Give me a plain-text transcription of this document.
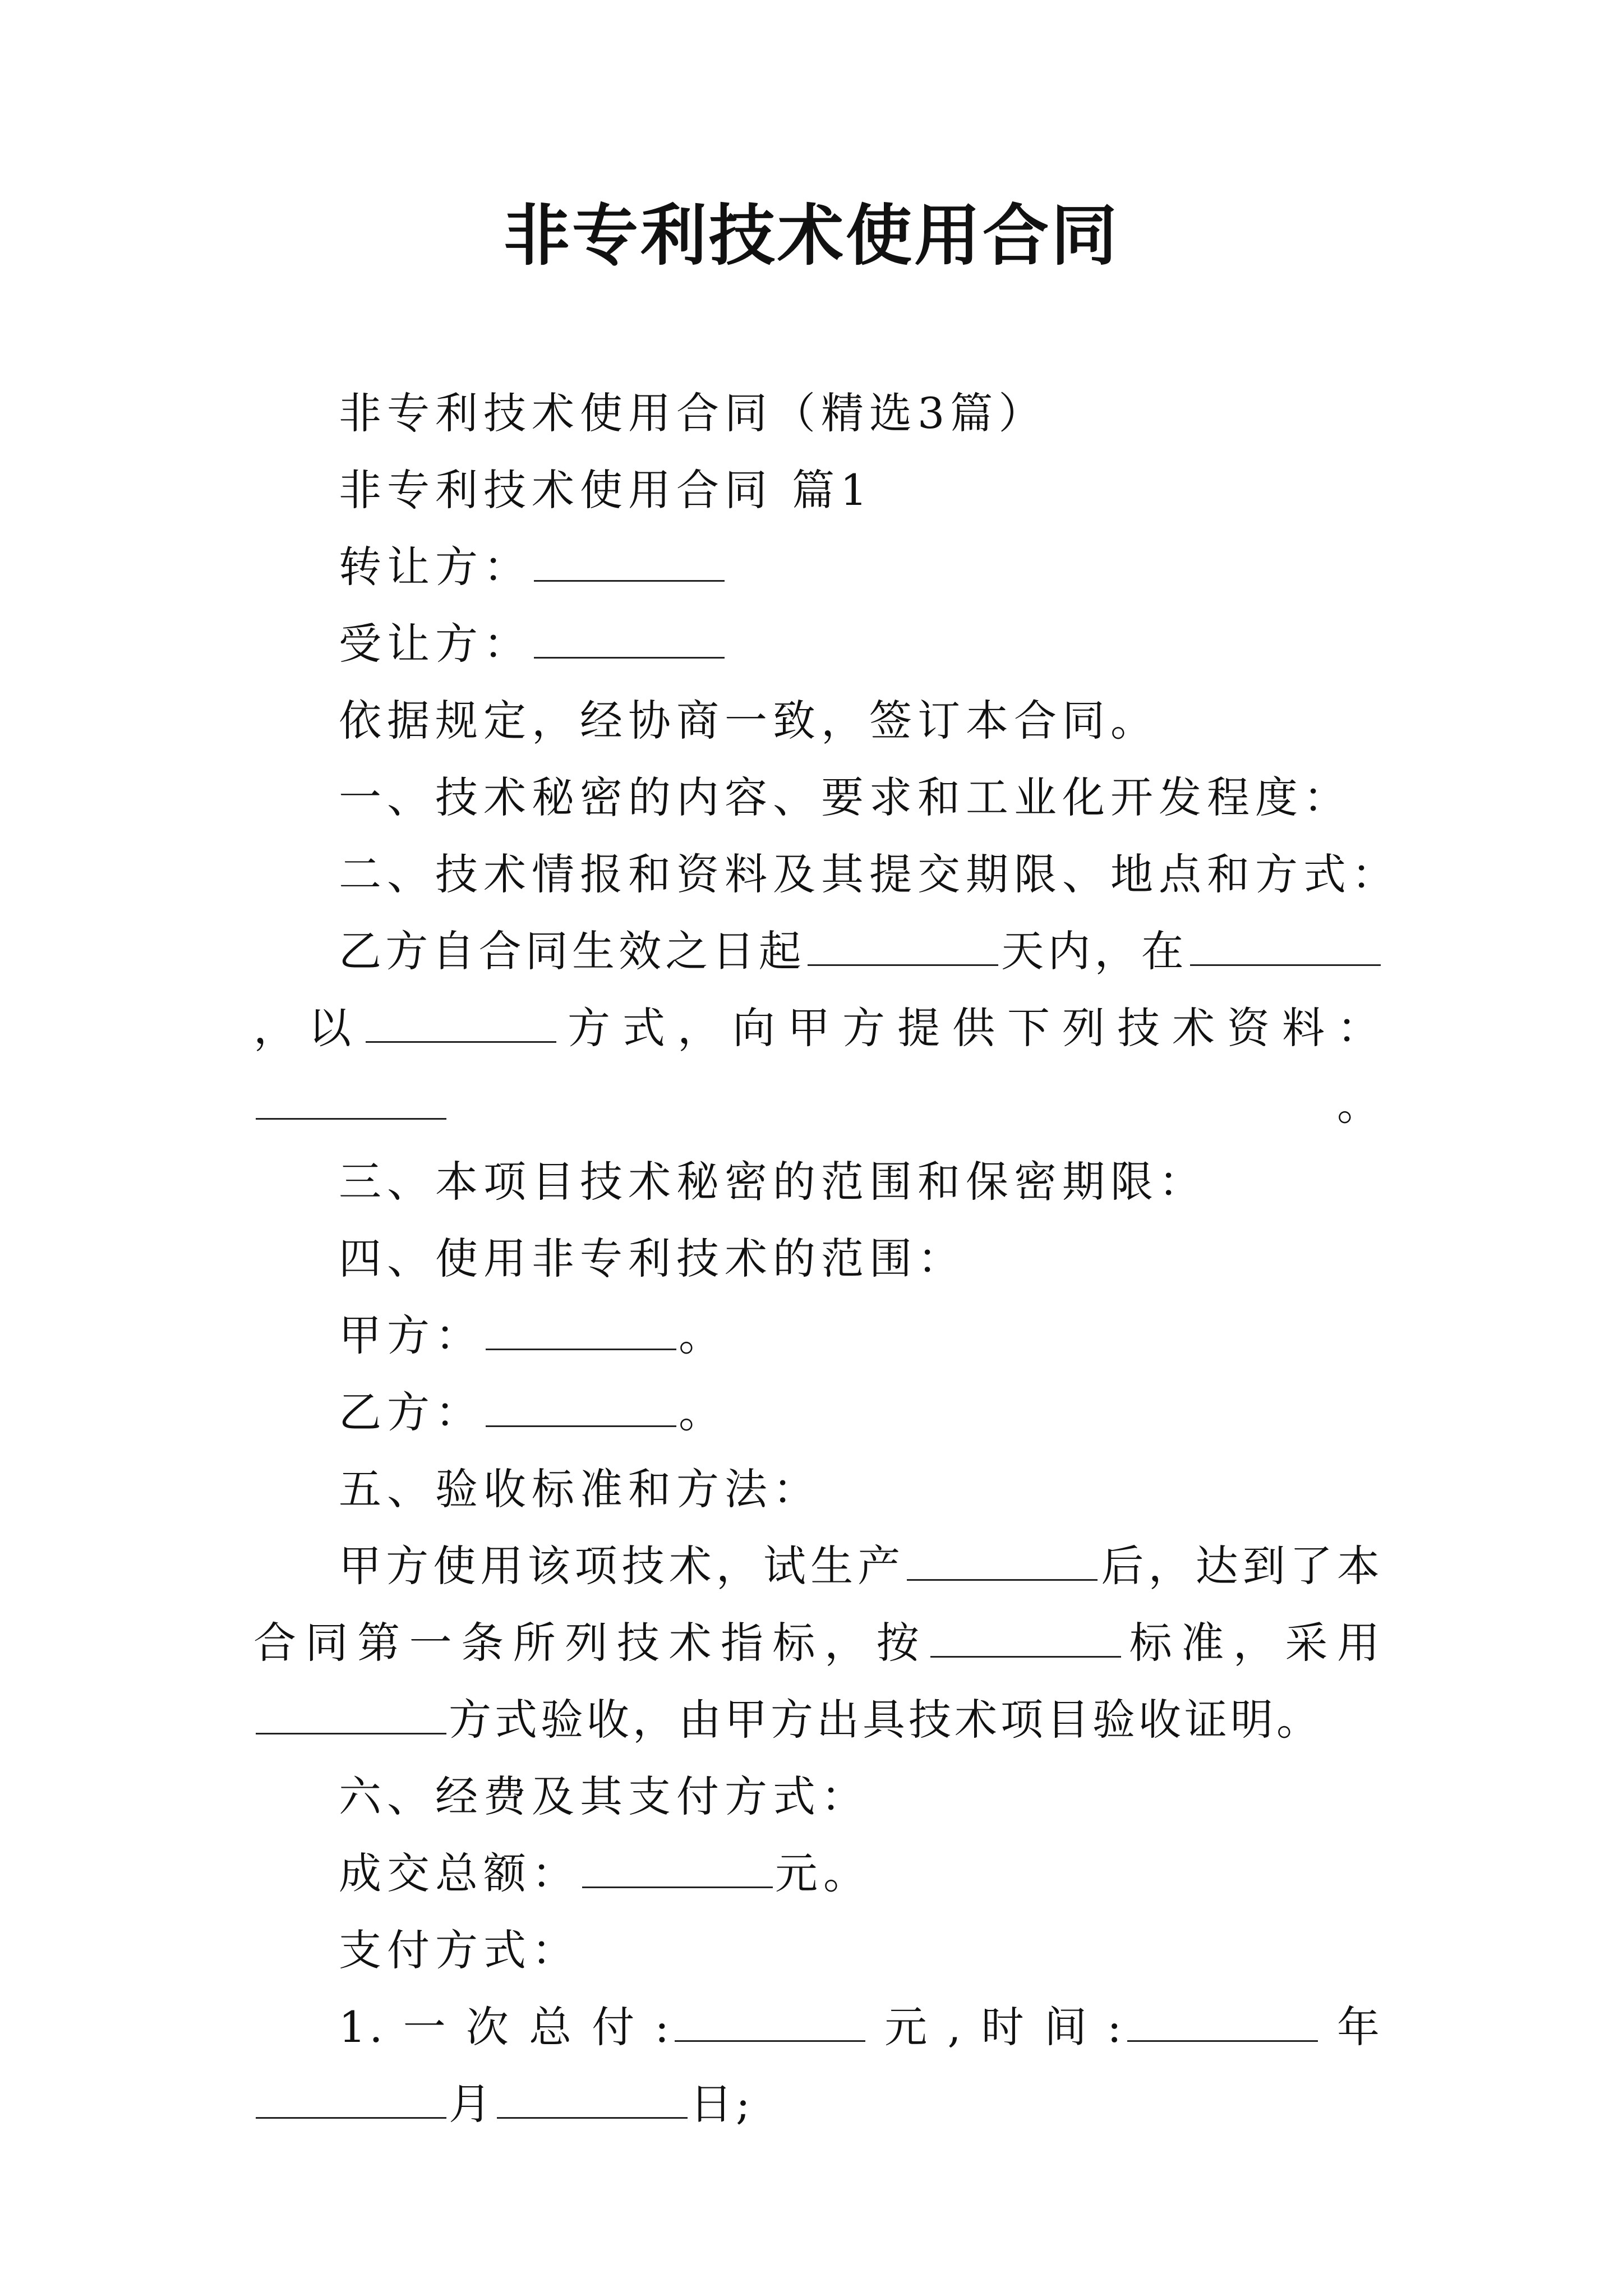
非专利技术使用合同

非专利技术使用合同（精选3篇）

非专利技术使用合同 篇1

转让方：

受让方：

依据规定，经协商一致，签订本合同。

一、技术秘密的内容、要求和工业化开发程度：

二、技术情报和资料及其提交期限、地点和方式：

乙方自合同生效之日起	天内，在，以	方式，向甲方提供下列技术资料：。

三、本项目技术秘密的范围和保密期限：

四、使用非专利技术的范围：

甲方：	。

乙方：	。

五、验收标准和方法：

甲方使用该项技术，试生产	后，达到了本合同第一条所列技术指标，按	标准，采用方式验收，由甲方出具技术项目验收证明。

六、经费及其支付方式：

成交总额：	元。

支付方式：

1.一次总付:	元,时间:	年月	日;
